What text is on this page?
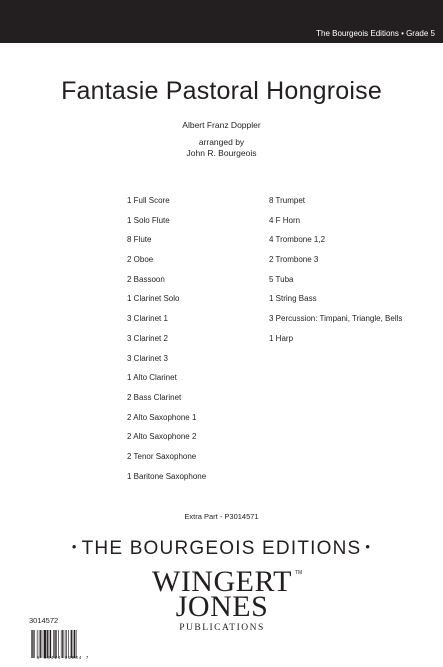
The Bourgeois Editions • Grade 5
Fantasie Pastoral Hongroise
Albert Franz Doppler
arranged by
John R. Bourgeois
1 Full Score
1 Solo Flute
8 Flute
2 Oboe
2 Bassoon
1 Clarinet Solo
3 Clarinet 1
3 Clarinet 2
3 Clarinet 3
1 Alto Clarinet
2 Bass Clarinet
2 Alto Saxophone 1
2 Alto Saxophone 2
2 Tenor Saxophone
1 Baritone Saxophone
8 Trumpet
4 F Horn
4 Trombone 1,2
2 Trombone 3
5 Tuba
1 String Bass
3 Percussion: Timpani, Triangle, Bells
1 Harp
Extra Part - P3014571
• THE BOURGEOIS EDITIONS •
WINGERT
JONES
PUBLICATIONS
TM
3014572
8 03424 02004 7
